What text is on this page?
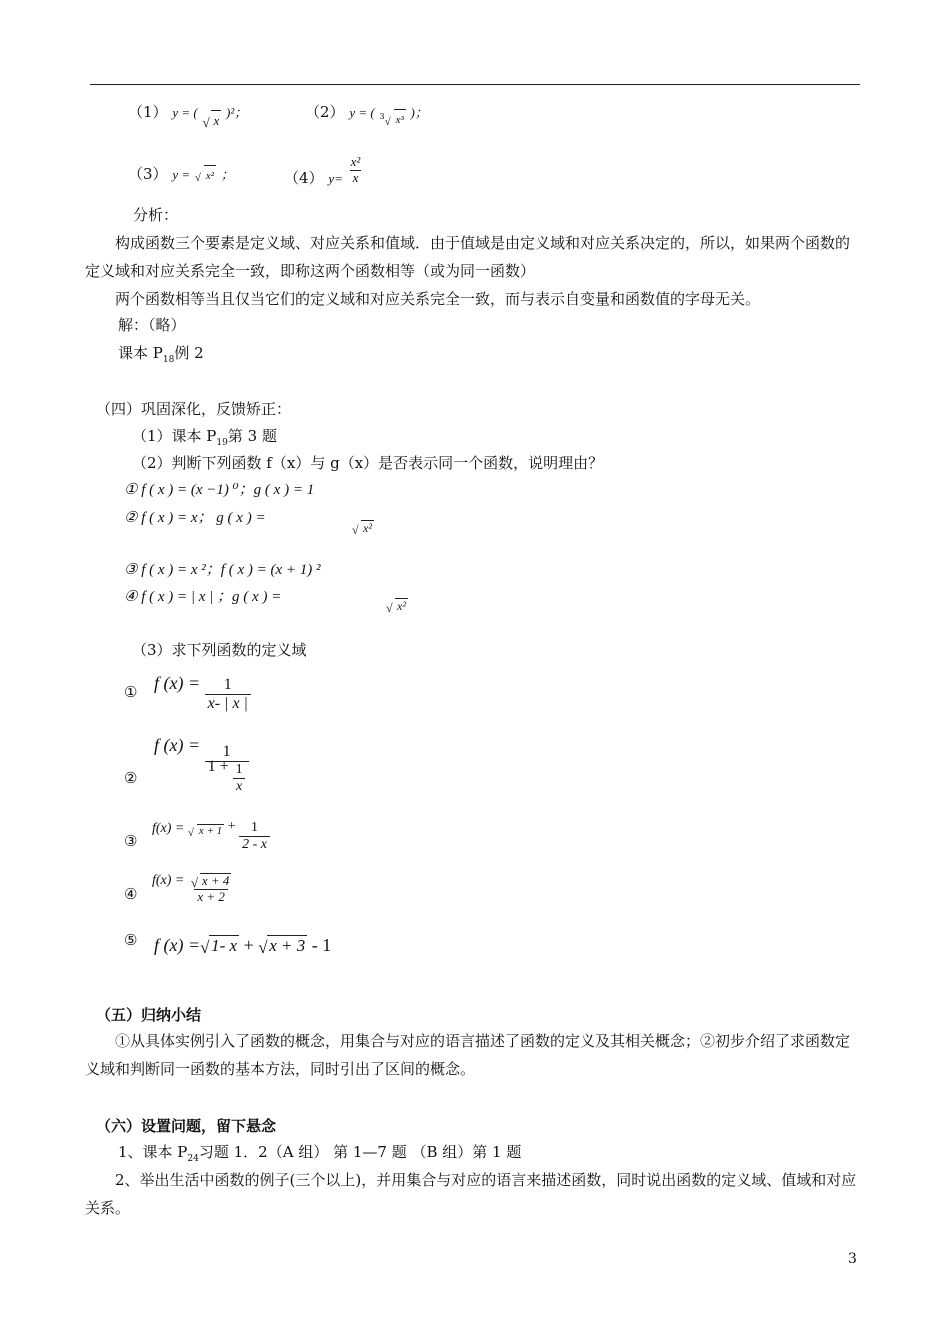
（1） y = (
√ x )²；	（2） y = ( 3 √ x³ )；
（3） y = √ x² ；	（4） $y= \frac{\text{x²}}{x}$
分析：
构成函数三个要素是定义域、对应关系和值域．由于值域是由定义域和对应关系决定的，所以，如果两个函数的定义域和对应关系完全一致，即称这两个函数相等（或为同一函数）
两个函数相等当且仅当它们的定义域和对应关系完全一致，而与表示自变量和函数值的字母无关。
解：（略）
课本 $P_{18}$例 2
（四）巩固深化，反馈矫正：
（1）课本 $P_{19}$第 3 题
（2）判断下列函数 f（x）与 g（x）是否表示同一个函数，说明理由？
① f ( x ) = (x −1) ⁰；g ( x ) = 1
② f ( x ) = x； g ( x ) =
√ x²
③ f ( x ) = x ²；f ( x ) = (x + 1) ²
④ f ( x ) = | x | ；g ( x ) =
√ x²
（3）求下列函数的定义域
① f $(x) = \frac{1}{x- | x |}$
②
f $(x) = \frac{1}{1 + \frac{1}{x}}$
③
f(x) = √ $x + 1 + \frac{1}{2 - x}$
④
$f(x) = \frac{√ x + 4}{x + 2}$
⑤ f (x) = √ 1- x + √ x + 3 - 1
（五）归纳小结
①从具体实例引入了函数的概念，用集合与对应的语言描述了函数的定义及其相关概念；②初步介绍了求函数定义域和判断同一函数的基本方法，同时引出了区间的概念。
（六）设置问题，留下悬念
1、课本 $P_{24}$习题 1．2（A 组） 第 1—7 题 （B 组）第 1 题
2、举出生活中函数的例子(三个以上)，并用集合与对应的语言来描述函数，同时说出函数的定义域、值域和对应关系。
3
